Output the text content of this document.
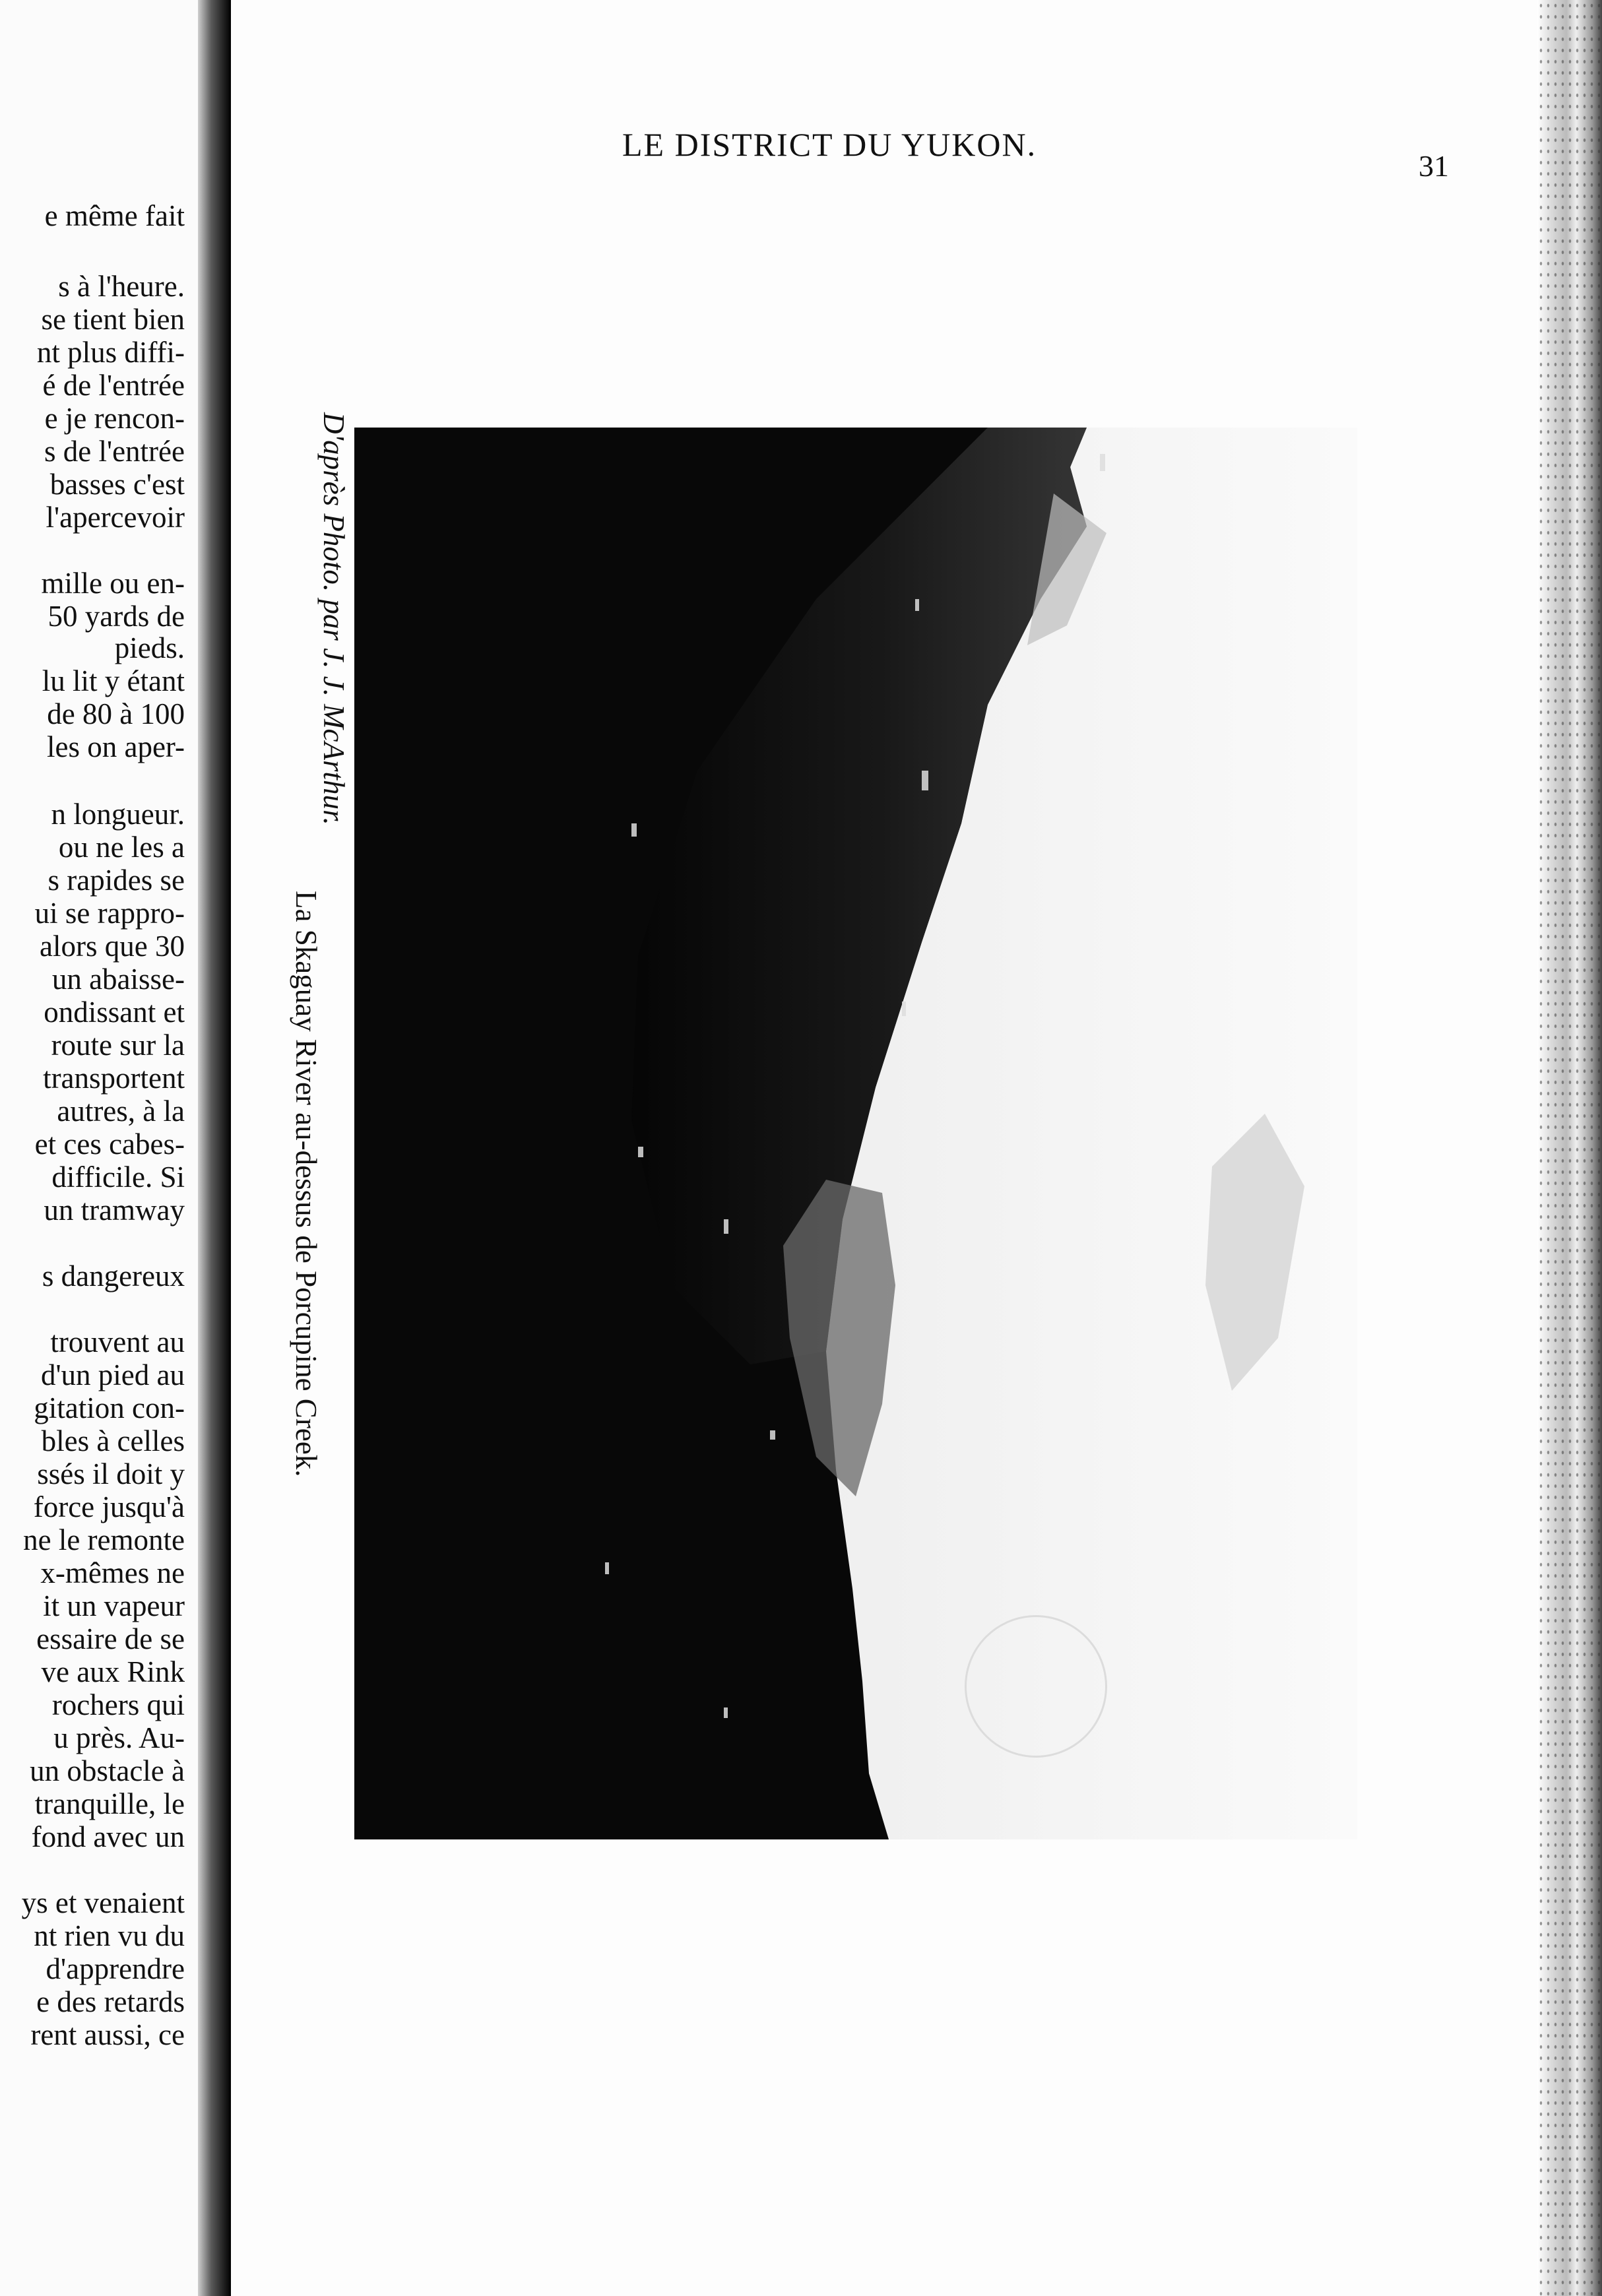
e même fait
s à l'heure.
se tient bien
nt plus diffi-
é de l'entrée
e je rencon-
s de l'entrée
basses c'est
l'apercevoir
mille ou en-
50 yards de
pieds.
lu lit y étant
de 80 à 100
les on aper-
n longueur.
ou ne les a
s rapides se
ui se rappro-
alors que 30
un abaisse-
ondissant et
route sur la
transportent
autres, à la
et ces cabes-
difficile. Si
un tramway
s dangereux
trouvent au
d'un pied au
gitation con-
bles à celles
ssés il doit y
force jusqu'à
ne le remonte
x-mêmes ne
it un vapeur
essaire de se
ve aux Rink
rochers qui
u près. Au-
un obstacle à
tranquille, le
fond avec un
ys et venaient
nt rien vu du
d'apprendre
e des retards
rent aussi, ce
LE DISTRICT DU YUKON.
31
D'après Photo. par J. J. McArthur.
La Skaguay River au-dessus de Porcupine Creek.
